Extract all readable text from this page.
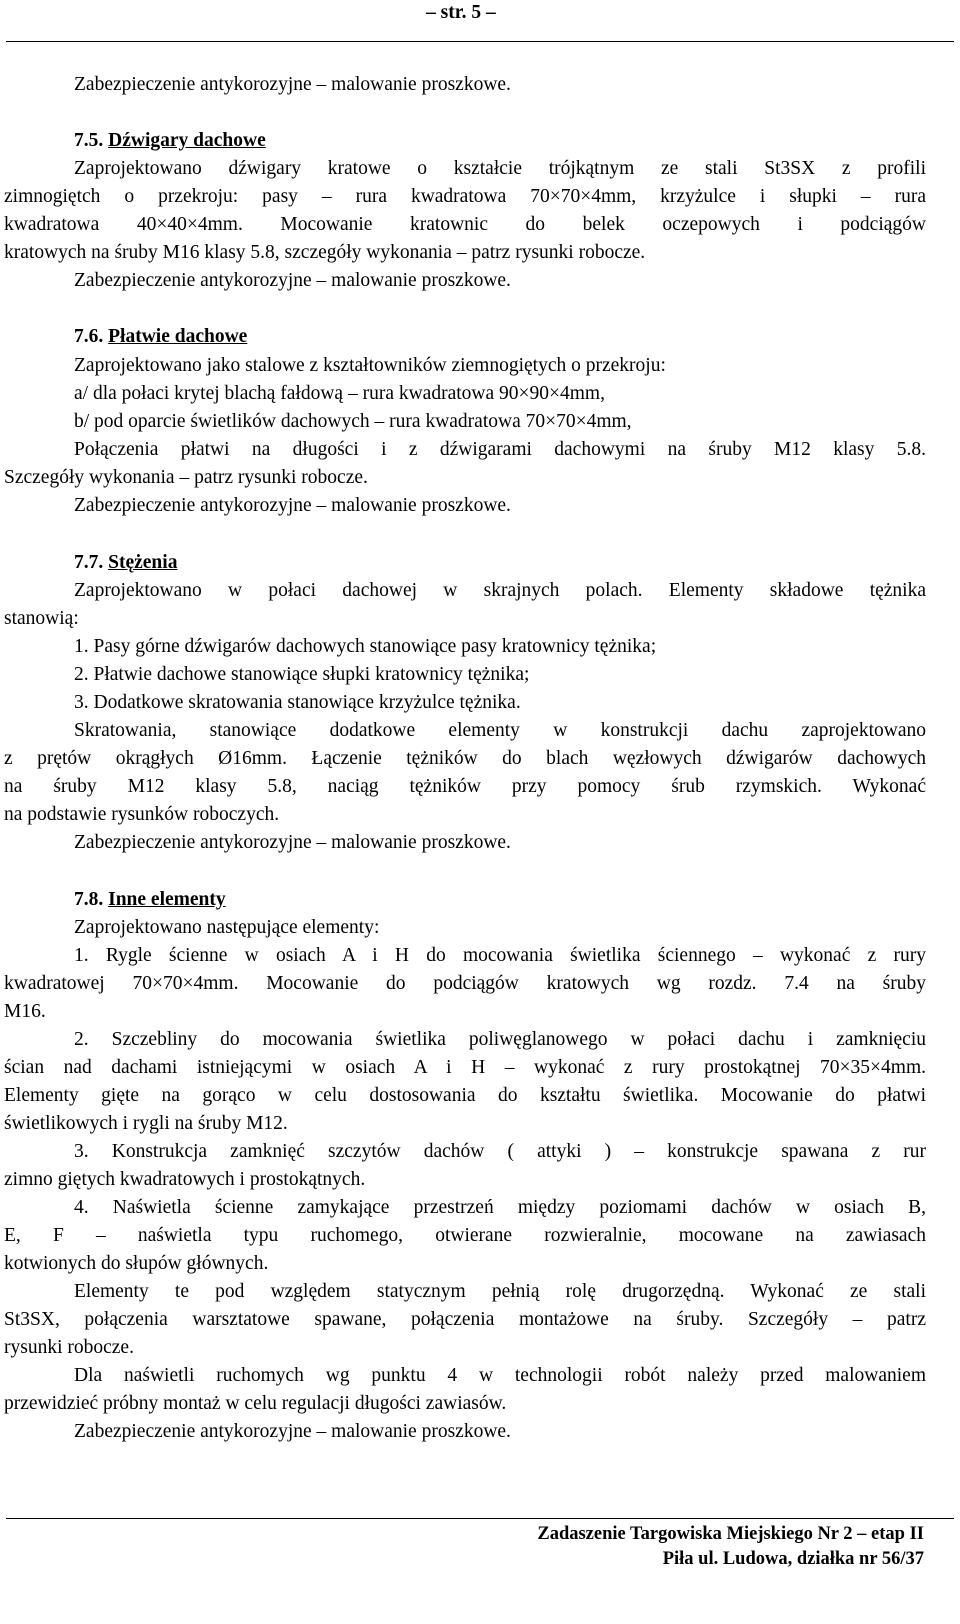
– str. 5 –
Zabezpieczenie antykorozyjne – malowanie proszkowe.
7.5. Dźwigary dachowe
Zaprojektowano dźwigary kratowe o kształcie trójkątnym ze stali St3SX z profili
zimnogiętch o przekroju: pasy – rura kwadratowa 70×70×4mm, krzyżulce i słupki – rura
kwadratowa 40×40×4mm. Mocowanie kratownic do belek oczepowych i podciągów
kratowych na śruby M16 klasy 5.8, szczegóły wykonania – patrz rysunki robocze.
Zabezpieczenie antykorozyjne – malowanie proszkowe.
7.6. Płatwie dachowe
Zaprojektowano jako stalowe z kształtowników ziemnogiętych o przekroju:
a/ dla połaci krytej blachą fałdową – rura kwadratowa 90×90×4mm,
b/ pod oparcie świetlików dachowych – rura kwadratowa 70×70×4mm,
Połączenia płatwi na długości i z dźwigarami dachowymi na śruby M12 klasy 5.8.
Szczegóły wykonania – patrz rysunki robocze.
Zabezpieczenie antykorozyjne – malowanie proszkowe.
7.7. Stężenia
Zaprojektowano w połaci dachowej w skrajnych polach. Elementy składowe tężnika
stanowią:
1. Pasy górne dźwigarów dachowych stanowiące pasy kratownicy tężnika;
2. Płatwie dachowe stanowiące słupki kratownicy tężnika;
3. Dodatkowe skratowania stanowiące krzyżulce tężnika.
Skratowania, stanowiące dodatkowe elementy w konstrukcji dachu zaprojektowano
z prętów okrągłych Ø16mm. Łączenie tężników do blach węzłowych dźwigarów dachowych
na śruby M12 klasy 5.8, naciąg tężników przy pomocy śrub rzymskich. Wykonać
na podstawie rysunków roboczych.
Zabezpieczenie antykorozyjne – malowanie proszkowe.
7.8. Inne elementy
Zaprojektowano następujące elementy:
1. Rygle ścienne w osiach A i H do mocowania świetlika ściennego – wykonać z rury
kwadratowej 70×70×4mm. Mocowanie do podciągów kratowych wg rozdz. 7.4 na śruby
M16.
2. Szczebliny do mocowania świetlika poliwęglanowego w połaci dachu i zamknięciu
ścian nad dachami istniejącymi w osiach A i H – wykonać z rury prostokątnej 70×35×4mm.
Elementy gięte na gorąco w celu dostosowania do kształtu świetlika. Mocowanie do płatwi
świetlikowych i rygli na śruby M12.
3. Konstrukcja zamknięć szczytów dachów ( attyki ) – konstrukcje spawana z rur
zimno giętych kwadratowych i prostokątnych.
4. Naświetla ścienne zamykające przestrzeń między poziomami dachów w osiach B,
E, F – naświetla typu ruchomego, otwierane rozwieralnie, mocowane na zawiasach
kotwionych do słupów głównych.
Elementy te pod względem statycznym pełnią rolę drugorzędną. Wykonać ze stali
St3SX, połączenia warsztatowe spawane, połączenia montażowe na śruby. Szczegóły – patrz
rysunki robocze.
Dla naświetli ruchomych wg punktu 4 w technologii robót należy przed malowaniem
przewidzieć próbny montaż w celu regulacji długości zawiasów.
Zabezpieczenie antykorozyjne – malowanie proszkowe.
Zadaszenie Targowiska Miejskiego Nr 2 – etap II
Piła ul. Ludowa, działka nr 56/37
